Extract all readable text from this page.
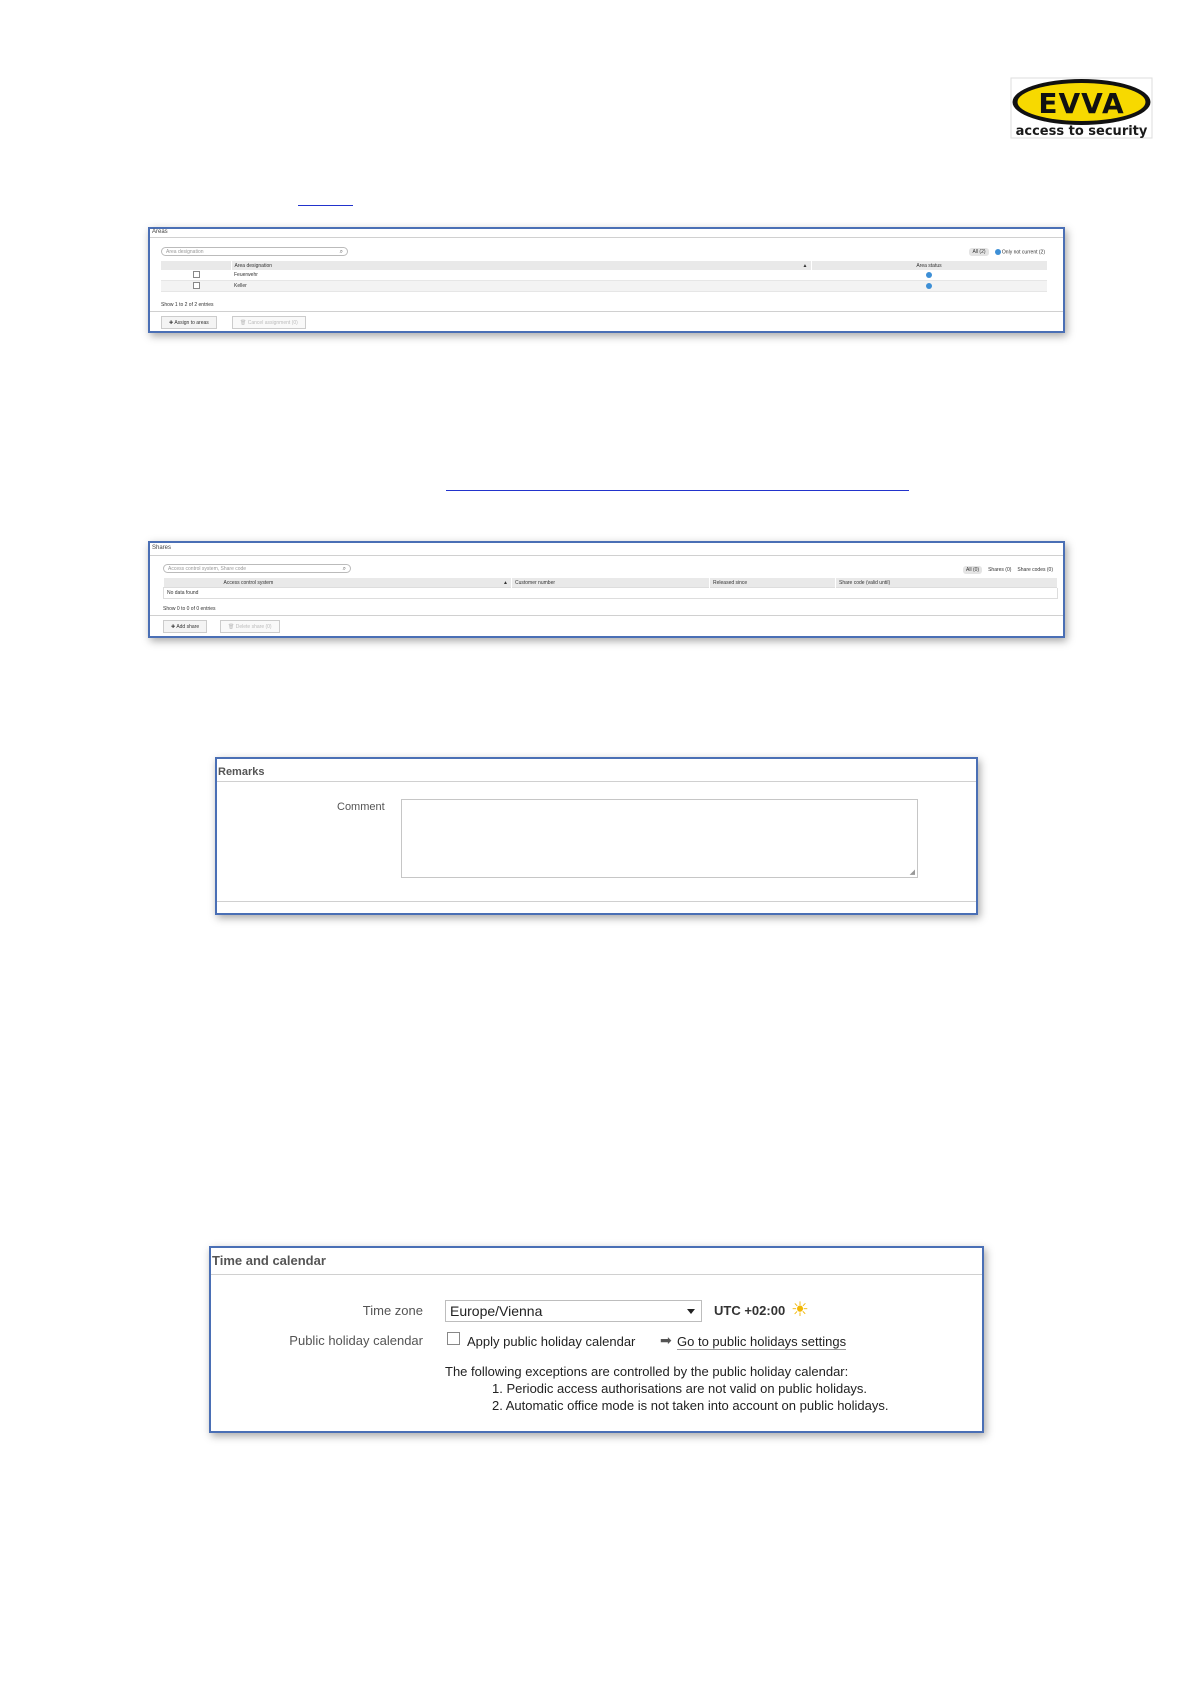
EVVA
access to security
Areas
Area designation	⌕	All (2)	Only not current (2)
	Area designation ▲	Area status
	Feuerwehr	
	Keller	
Show 1 to 2 of 2 entries
✚ Assign to areas	🗑 Cancel assignment (0)
Shares
Access control system, Share code	⌕	All (0)	Shares (0) Share codes (0)
Access control system	▲	Customer number	Released since	Share code (valid until)
No data found
Show 0 to 0 of 0 entries
✚ Add share	🗑 Delete share (0)
Remarks
Comment
◢
Time and calendar
Time zone	Europe/Vienna	UTC +02:00 ☀
Public holiday calendar	Apply public holiday calendar ➡ Go to public holidays settings
The following exceptions are controlled by the public holiday calendar:
1. Periodic access authorisations are not valid on public holidays.
2. Automatic office mode is not taken into account on public holidays.
